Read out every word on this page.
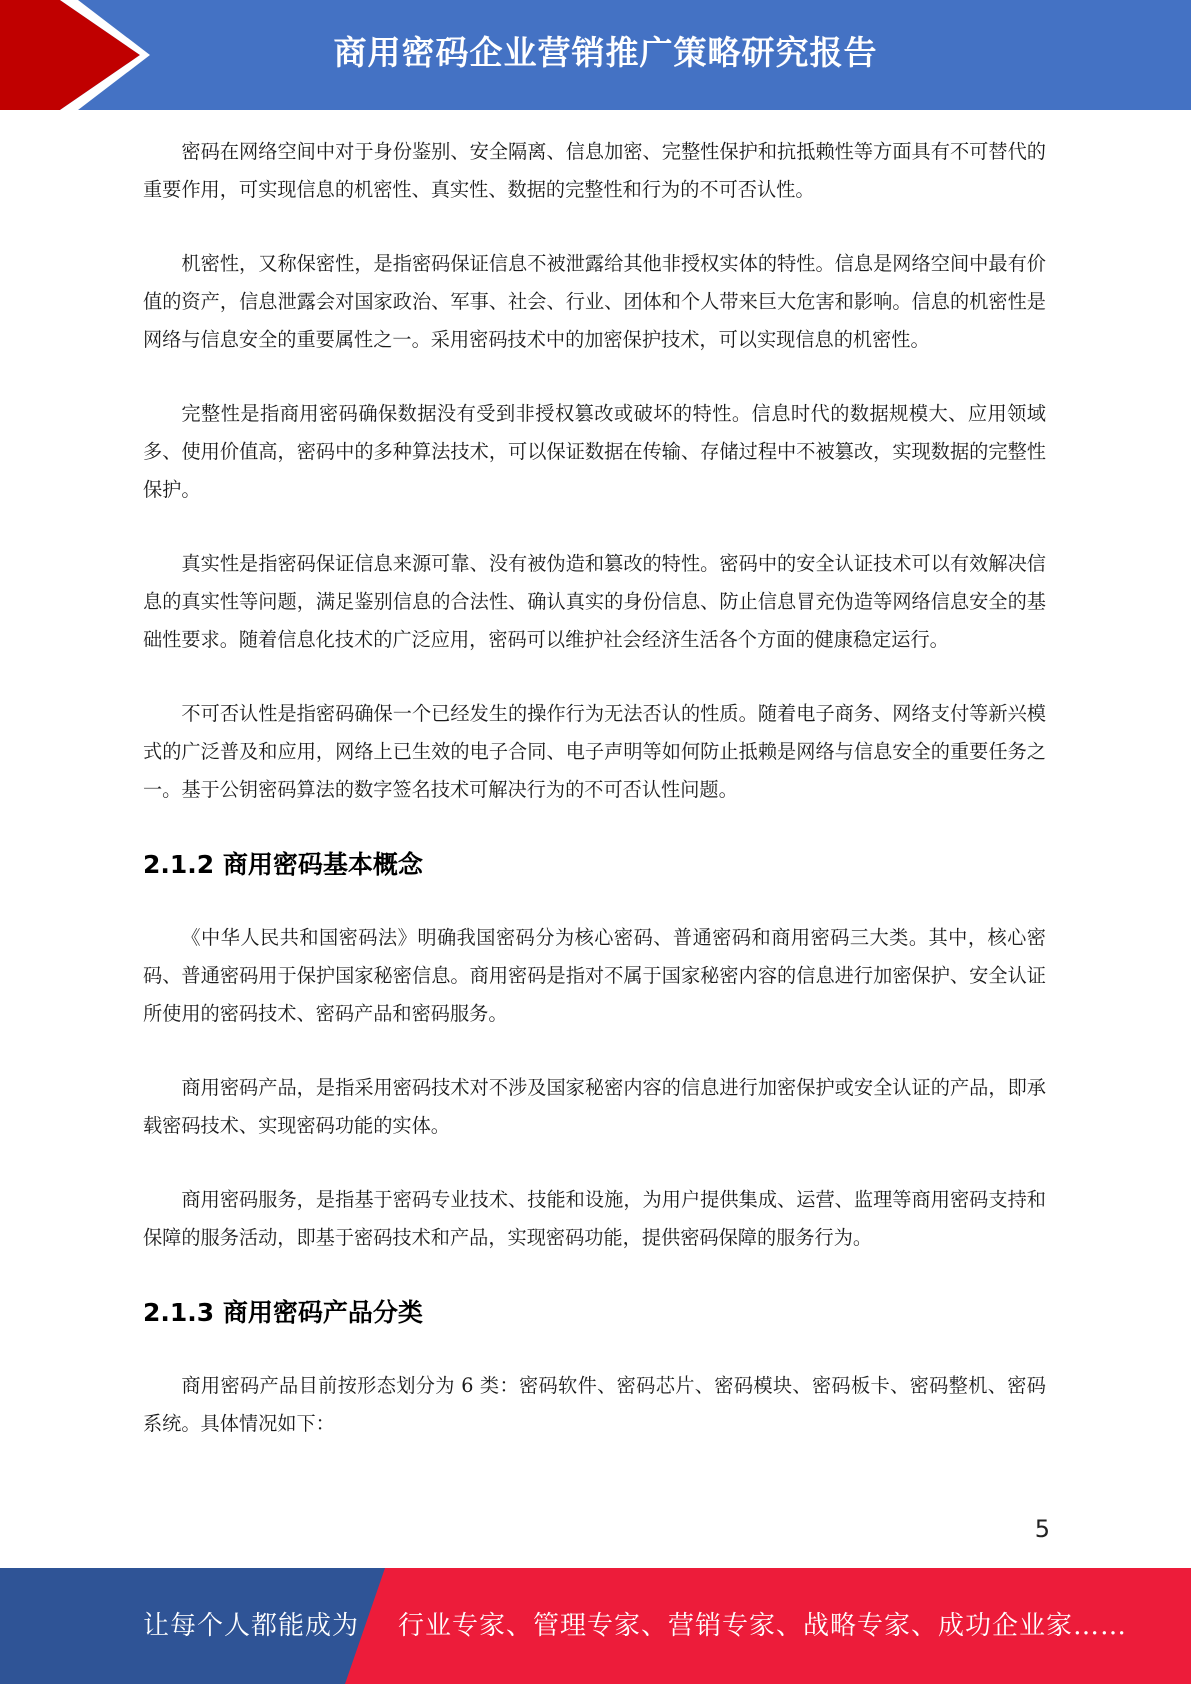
商用密码企业营销推广策略研究报告

密码在网络空间中对于身份鉴别、安全隔离、信息加密、完整性保护和抗抵赖性等方面具有不可替代的重要作用，可实现信息的机密性、真实性、数据的完整性和行为的不可否认性。

机密性，又称保密性，是指密码保证信息不被泄露给其他非授权实体的特性。信息是网络空间中最有价值的资产，信息泄露会对国家政治、军事、社会、行业、团体和个人带来巨大危害和影响。信息的机密性是网络与信息安全的重要属性之一。采用密码技术中的加密保护技术，可以实现信息的机密性。

完整性是指商用密码确保数据没有受到非授权篡改或破坏的特性。信息时代的数据规模大、应用领域多、使用价值高，密码中的多种算法技术，可以保证数据在传输、存储过程中不被篡改，实现数据的完整性保护。

真实性是指密码保证信息来源可靠、没有被伪造和篡改的特性。密码中的安全认证技术可以有效解决信息的真实性等问题，满足鉴别信息的合法性、确认真实的身份信息、防止信息冒充伪造等网络信息安全的基础性要求。随着信息化技术的广泛应用，密码可以维护社会经济生活各个方面的健康稳定运行。

不可否认性是指密码确保一个已经发生的操作行为无法否认的性质。随着电子商务、网络支付等新兴模式的广泛普及和应用，网络上已生效的电子合同、电子声明等如何防止抵赖是网络与信息安全的重要任务之一。基于公钥密码算法的数字签名技术可解决行为的不可否认性问题。

2.1.2 商用密码基本概念

《中华人民共和国密码法》明确我国密码分为核心密码、普通密码和商用密码三大类。其中，核心密码、普通密码用于保护国家秘密信息。商用密码是指对不属于国家秘密内容的信息进行加密保护、安全认证所使用的密码技术、密码产品和密码服务。

商用密码产品，是指采用密码技术对不涉及国家秘密内容的信息进行加密保护或安全认证的产品，即承载密码技术、实现密码功能的实体。

商用密码服务，是指基于密码专业技术、技能和设施，为用户提供集成、运营、监理等商用密码支持和保障的服务活动，即基于密码技术和产品，实现密码功能，提供密码保障的服务行为。

2.1.3 商用密码产品分类

商用密码产品目前按形态划分为 6 类：密码软件、密码芯片、密码模块、密码板卡、密码整机、密码系统。具体情况如下：

5
让每个人都能成为 行业专家、管理专家、营销专家、战略专家、成功企业家……
